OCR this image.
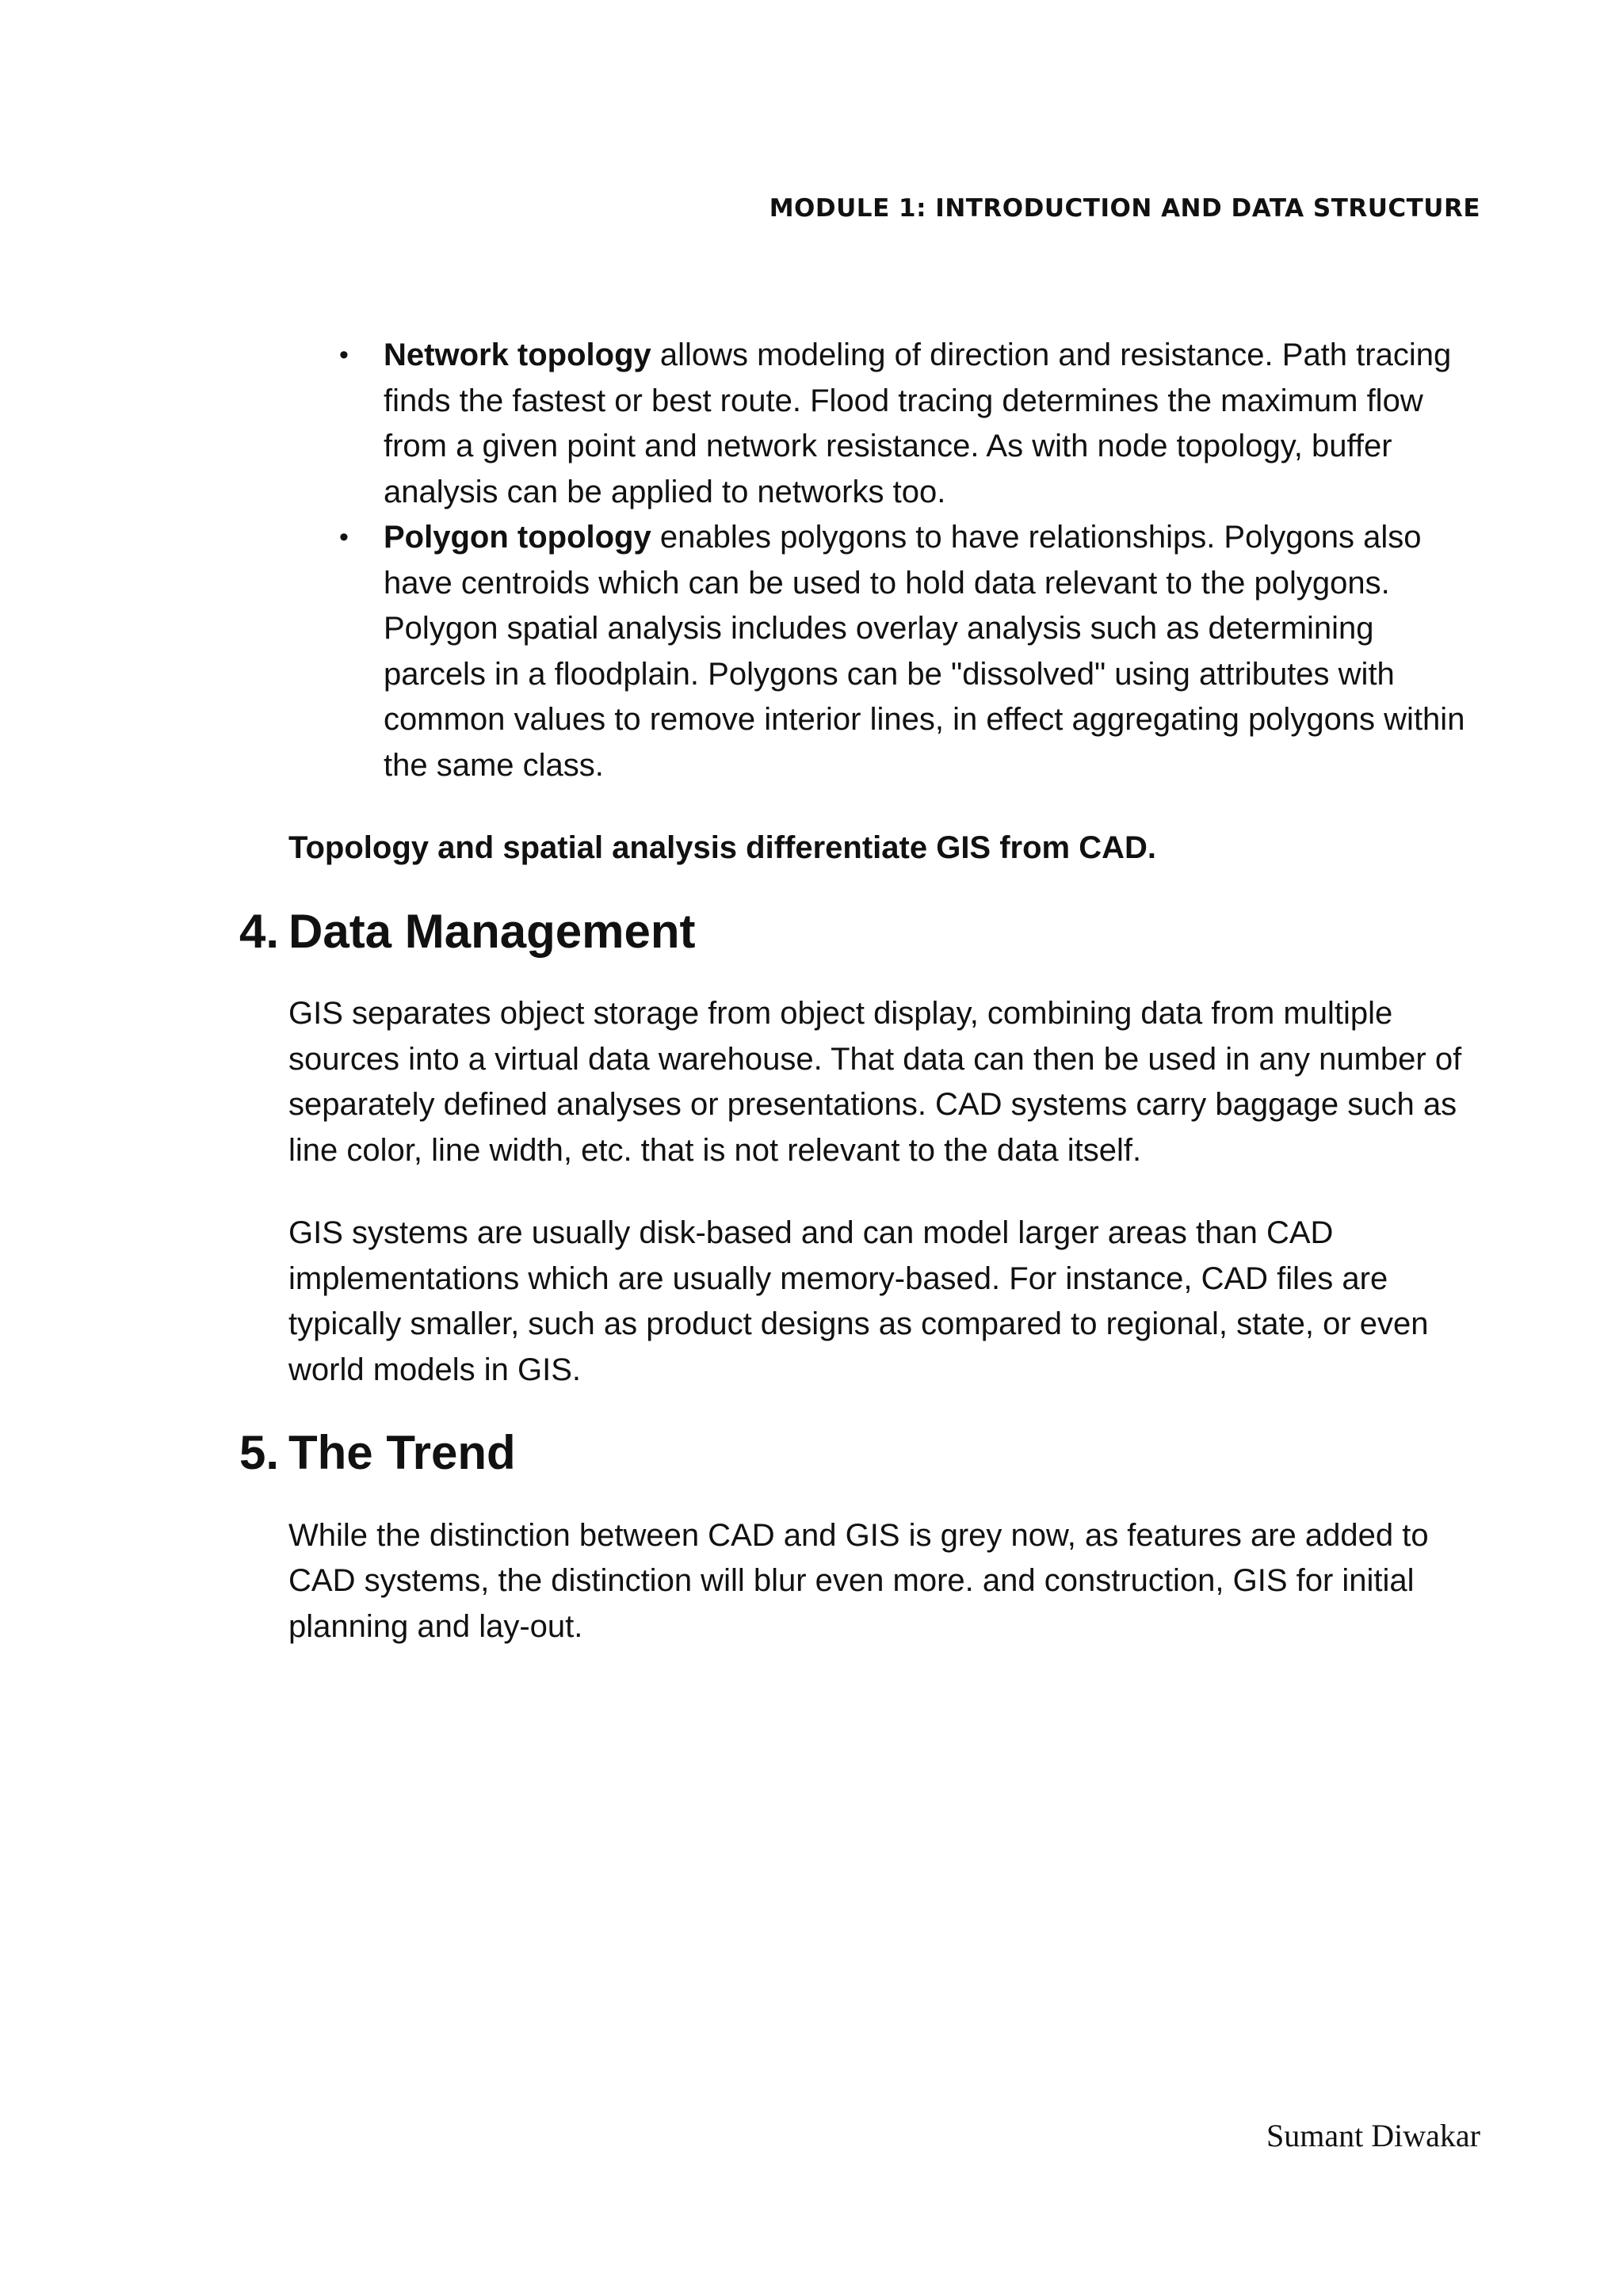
MODULE 1: INTRODUCTION AND DATA STRUCTURE
• Network topology allows modeling of direction and resistance. Path tracing finds the fastest or best route. Flood tracing determines the maximum flow from a given point and network resistance. As with node topology, buffer analysis can be applied to networks too.
• Polygon topology enables polygons to have relationships. Polygons also have centroids which can be used to hold data relevant to the polygons. Polygon spatial analysis includes overlay analysis such as determining parcels in a floodplain. Polygons can be "dissolved" using attributes with common values to remove interior lines, in effect aggregating polygons within the same class.

Topology and spatial analysis differentiate GIS from CAD.

4. Data Management

GIS separates object storage from object display, combining data from multiple sources into a virtual data warehouse. That data can then be used in any number of separately defined analyses or presentations. CAD systems carry baggage such as line color, line width, etc. that is not relevant to the data itself.

GIS systems are usually disk-based and can model larger areas than CAD implementations which are usually memory-based. For instance, CAD files are typically smaller, such as product designs as compared to regional, state, or even world models in GIS.

5. The Trend

While the distinction between CAD and GIS is grey now, as features are added to CAD systems, the distinction will blur even more. and construction, GIS for initial planning and lay-out.

Sumant Diwakar
